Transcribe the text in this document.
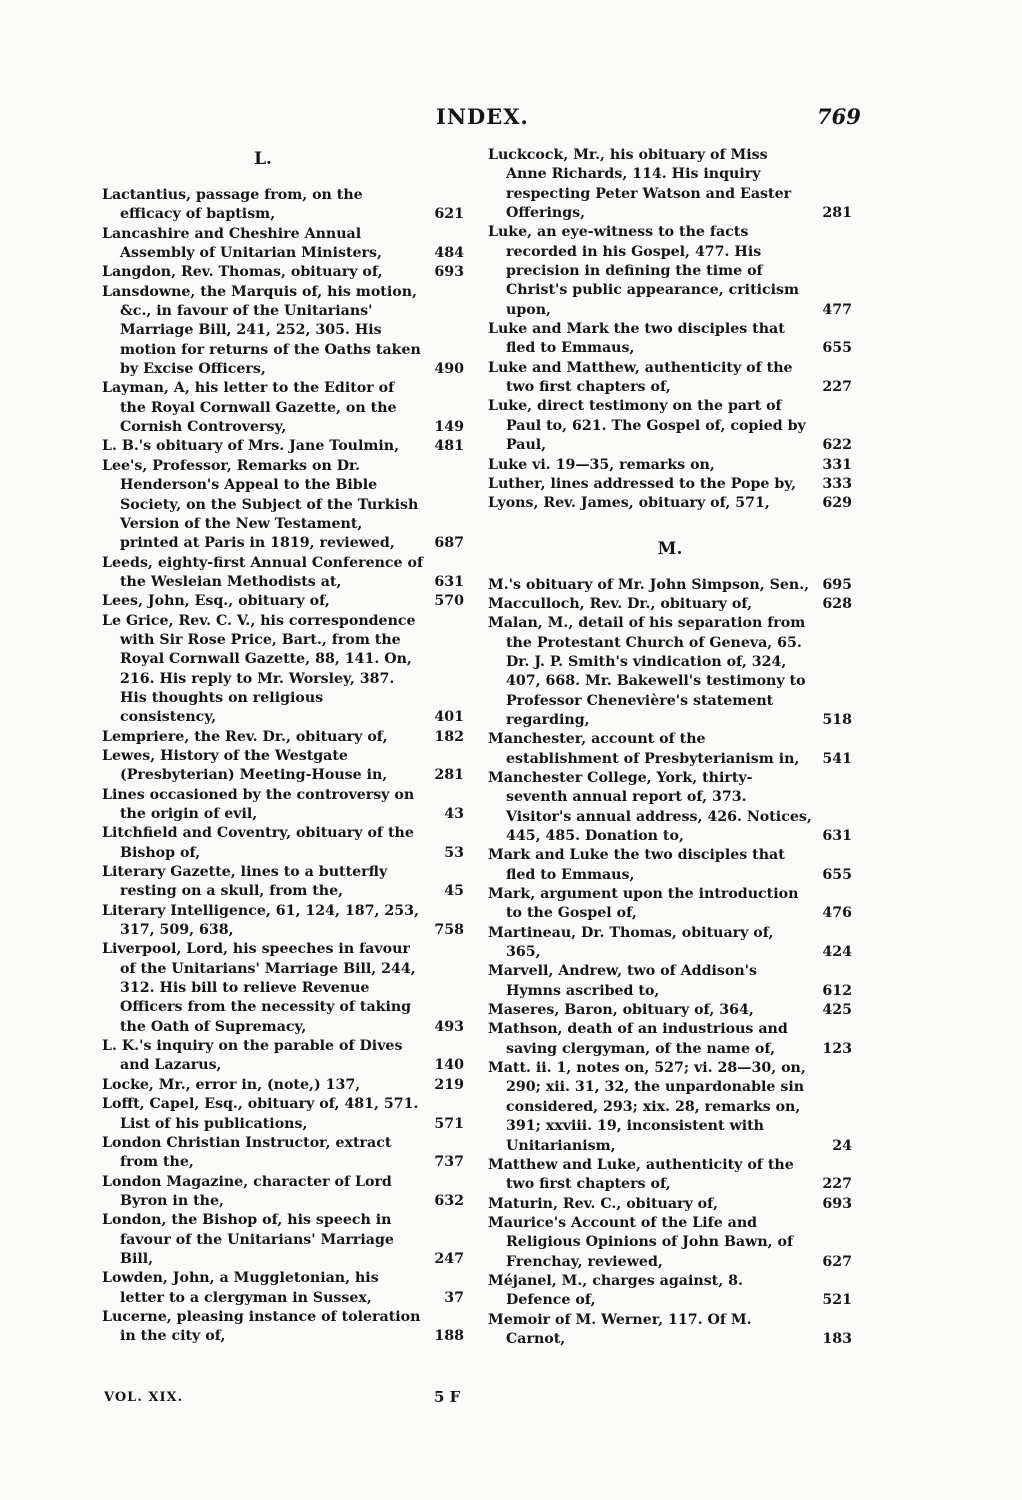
INDEX.	769
L.
Lactantius, passage from, on the efficacy of baptism,	621
Lancashire and Cheshire Annual Assembly of Unitarian Ministers,	484
Langdon, Rev. Thomas, obituary of,	693
Lansdowne, the Marquis of, his motion, &c., in favour of the Unitarians' Marriage Bill, 241, 252, 305. His motion for returns of the Oaths taken by Excise Officers,	490
Layman, A, his letter to the Editor of the Royal Cornwall Gazette, on the Cornish Controversy,	149
L. B.'s obituary of Mrs. Jane Toulmin, 481
Lee's, Professor, Remarks on Dr. Henderson's Appeal to the Bible Society, on the Subject of the Turkish Version of the New Testament, printed at Paris in 1819, reviewed,	687
Leeds, eighty-first Annual Conference of the Wesleian Methodists at,	631
Lees, John, Esq., obituary of,	570
Le Grice, Rev. C. V., his correspondence with Sir Rose Price, Bart., from the Royal Cornwall Gazette, 88, 141. On, 216. His reply to Mr. Worsley, 387. His thoughts on religious consistency,	401
Lempriere, the Rev. Dr., obituary of,	182
Lewes, History of the Westgate (Presbyterian) Meeting-House in,	281
Lines occasioned by the controversy on the origin of evil,	43
Litchfield and Coventry, obituary of the Bishop of,	53
Literary Gazette, lines to a butterfly resting on a skull, from the,	45
Literary Intelligence, 61, 124, 187, 253, 317, 509, 638,	758
Liverpool, Lord, his speeches in favour of the Unitarians' Marriage Bill, 244, 312. His bill to relieve Revenue Officers from the necessity of taking the Oath of Supremacy,	493
L. K.'s inquiry on the parable of Dives and Lazarus,	140
Locke, Mr., error in, (note,) 137,	219
Lofft, Capel, Esq., obituary of, 481, 571. List of his publications,	571
London Christian Instructor, extract from the,	737
London Magazine, character of Lord Byron in the,	632
London, the Bishop of, his speech in favour of the Unitarians' Marriage Bill,	247
Lowden, John, a Muggletonian, his letter to a clergyman in Sussex,	37
Lucerne, pleasing instance of toleration in the city of,	188
Luckcock, Mr., his obituary of Miss Anne Richards, 114. His inquiry respecting Peter Watson and Easter Offerings,	281
Luke, an eye-witness to the facts recorded in his Gospel, 477. His precision in defining the time of Christ's public appearance, criticism upon,	477
Luke and Mark the two disciples that fled to Emmaus,	655
Luke and Matthew, authenticity of the two first chapters of,	227
Luke, direct testimony on the part of Paul to, 621. The Gospel of, copied by Paul,	622
Luke vi. 19—35, remarks on,	331
Luther, lines addressed to the Pope by, 333
Lyons, Rev. James, obituary of, 571,	629
M.
M.'s obituary of Mr. John Simpson, Sen., 695
Macculloch, Rev. Dr., obituary of,	628
Malan, M., detail of his separation from the Protestant Church of Geneva, 65. Dr. J. P. Smith's vindication of, 324, 407, 668. Mr. Bakewell's testimony to Professor Chenevière's statement regarding,	518
Manchester, account of the establishment of Presbyterianism in, 541
Manchester College, York, thirty-seventh annual report of, 373. Visitor's annual address, 426. Notices, 445, 485. Donation to,	631
Mark and Luke the two disciples that fled to Emmaus,	655
Mark, argument upon the introduction to the Gospel of,	476
Martineau, Dr. Thomas, obituary of, 365,	424
Marvell, Andrew, two of Addison's Hymns ascribed to,	612
Maseres, Baron, obituary of, 364,	425
Mathson, death of an industrious and saving clergyman, of the name of,	123
Matt. ii. 1, notes on, 527; vi. 28—30, on, 290; xii. 31, 32, the unpardonable sin considered, 293; xix. 28, remarks on, 391; xxviii. 19, inconsistent with Unitarianism,	24
Matthew and Luke, authenticity of the two first chapters of,	227
Maturin, Rev. C., obituary of,	693
Maurice's Account of the Life and Religious Opinions of John Bawn, of Frenchay, reviewed,	627
Méjanel, M., charges against, 8. Defence of,	521
Memoir of M. Werner, 117. Of M. Carnot,	183
VOL. XIX.	5 F
